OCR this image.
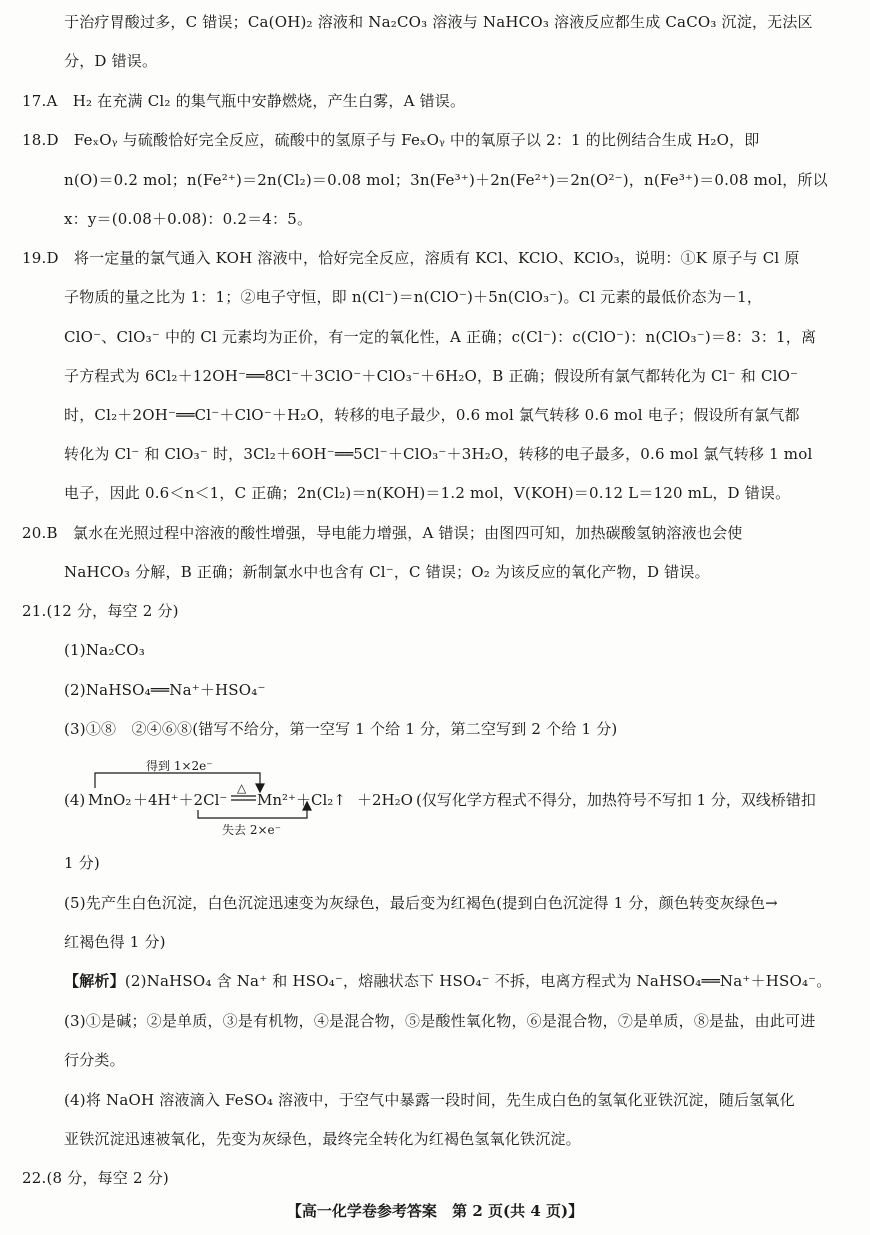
于治疗胃酸过多，C 错误；Ca(OH)₂ 溶液和 Na₂CO₃ 溶液与 NaHCO₃ 溶液反应都生成 CaCO₃ 沉淀，无法区
分，D 错误。
17.A　H₂ 在充满 Cl₂ 的集气瓶中安静燃烧，产生白雾，A 错误。
18.D　FeₓOᵧ 与硫酸恰好完全反应，硫酸中的氢原子与 FeₓOᵧ 中的氧原子以 2：1 的比例结合生成 H₂O，即
n(O)＝0.2 mol；n(Fe²⁺)＝2n(Cl₂)＝0.08 mol；3n(Fe³⁺)＋2n(Fe²⁺)＝2n(O²⁻)，n(Fe³⁺)＝0.08 mol，所以
x：y＝(0.08＋0.08)：0.2＝4：5。
19.D　将一定量的氯气通入 KOH 溶液中，恰好完全反应，溶质有 KCl、KClO、KClO₃，说明：①K 原子与 Cl 原
子物质的量之比为 1：1；②电子守恒，即 n(Cl⁻)＝n(ClO⁻)＋5n(ClO₃⁻)。Cl 元素的最低价态为－1，
ClO⁻、ClO₃⁻ 中的 Cl 元素均为正价，有一定的氧化性，A 正确；c(Cl⁻)：c(ClO⁻)：n(ClO₃⁻)＝8：3：1，离
子方程式为 6Cl₂＋12OH⁻══8Cl⁻＋3ClO⁻＋ClO₃⁻＋6H₂O，B 正确；假设所有氯气都转化为 Cl⁻ 和 ClO⁻
时，Cl₂＋2OH⁻══Cl⁻＋ClO⁻＋H₂O，转移的电子最少，0.6 mol 氯气转移 0.6 mol 电子；假设所有氯气都
转化为 Cl⁻ 和 ClO₃⁻ 时，3Cl₂＋6OH⁻══5Cl⁻＋ClO₃⁻＋3H₂O，转移的电子最多，0.6 mol 氯气转移 1 mol
电子，因此 0.6＜n＜1，C 正确；2n(Cl₂)＝n(KOH)＝1.2 mol，V(KOH)＝0.12 L＝120 mL，D 错误。
20.B　氯水在光照过程中溶液的酸性增强，导电能力增强，A 错误；由图四可知，加热碳酸氢钠溶液也会使
NaHCO₃ 分解，B 正确；新制氯水中也含有 Cl⁻，C 错误；O₂ 为该反应的氧化产物，D 错误。
21.(12 分，每空 2 分)
(1)Na₂CO₃
(2)NaHSO₄══Na⁺＋HSO₄⁻
(3)①⑧　②④⑥⑧(错写不给分，第一空写 1 个给 1 分，第二空写到 2 个给 1 分)
得到 1×2e⁻
失去 2×e⁻
△
(4) MnO₂ ＋4H⁺＋2Cl⁻ Mn²⁺ ＋Cl₂↑ ＋2H₂O (仅写化学方程式不得分，加热符号不写扣 1 分，双线桥错扣
1 分)
(5)先产生白色沉淀，白色沉淀迅速变为灰绿色，最后变为红褐色(提到白色沉淀得 1 分，颜色转变灰绿色→
红褐色得 1 分)
【解析】(2)NaHSO₄ 含 Na⁺ 和 HSO₄⁻，熔融状态下 HSO₄⁻ 不拆，电离方程式为 NaHSO₄══Na⁺＋HSO₄⁻。
(3)①是碱；②是单质，③是有机物，④是混合物，⑤是酸性氧化物，⑥是混合物，⑦是单质，⑧是盐，由此可进
行分类。
(4)将 NaOH 溶液滴入 FeSO₄ 溶液中，于空气中暴露一段时间，先生成白色的氢氧化亚铁沉淀，随后氢氧化
亚铁沉淀迅速被氧化，先变为灰绿色，最终完全转化为红褐色氢氧化铁沉淀。
22.(8 分，每空 2 分)
【高一化学卷参考答案 第 2 页(共 4 页)】
